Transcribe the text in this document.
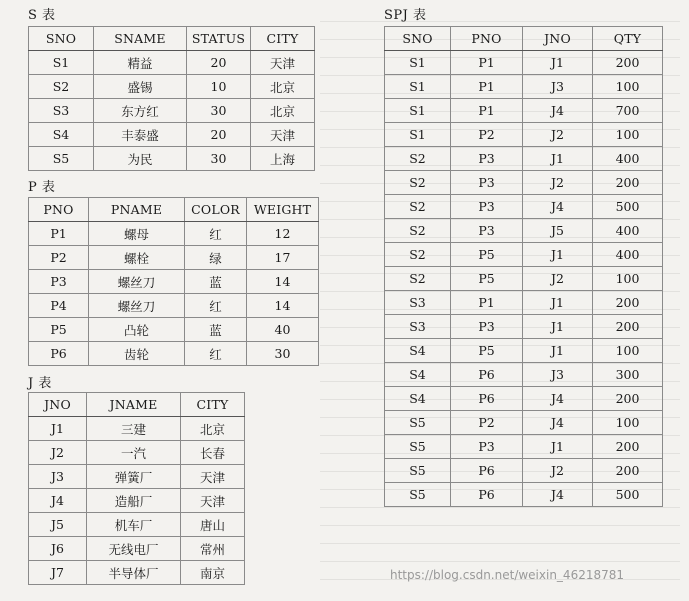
S 表
SNO	SNAME	STATUS	CITY
S1	精益	20	天津
S2	盛锡	10	北京
S3	东方红	30	北京
S4	丰泰盛	20	天津
S5	为民	30	上海
P 表
PNO	PNAME	COLOR	WEIGHT
P1	螺母	红	12
P2	螺栓	绿	17
P3	螺丝刀	蓝	14
P4	螺丝刀	红	14
P5	凸轮	蓝	40
P6	齿轮	红	30
J 表
JNO	JNAME	CITY
J1	三建	北京
J2	一汽	长春
J3	弹簧厂	天津
J4	造船厂	天津
J5	机车厂	唐山
J6	无线电厂	常州
J7	半导体厂	南京
SPJ 表
SNO	PNO	JNO	QTY
S1	P1	J1	200
S1	P1	J3	100
S1	P1	J4	700
S1	P2	J2	100
S2	P3	J1	400
S2	P3	J2	200
S2	P3	J4	500
S2	P3	J5	400
S2	P5	J1	400
S2	P5	J2	100
S3	P1	J1	200
S3	P3	J1	200
S4	P5	J1	100
S4	P6	J3	300
S4	P6	J4	200
S5	P2	J4	100
S5	P3	J1	200
S5	P6	J2	200
S5	P6	J4	500
https://blog.csdn.net/weixin_46218781
